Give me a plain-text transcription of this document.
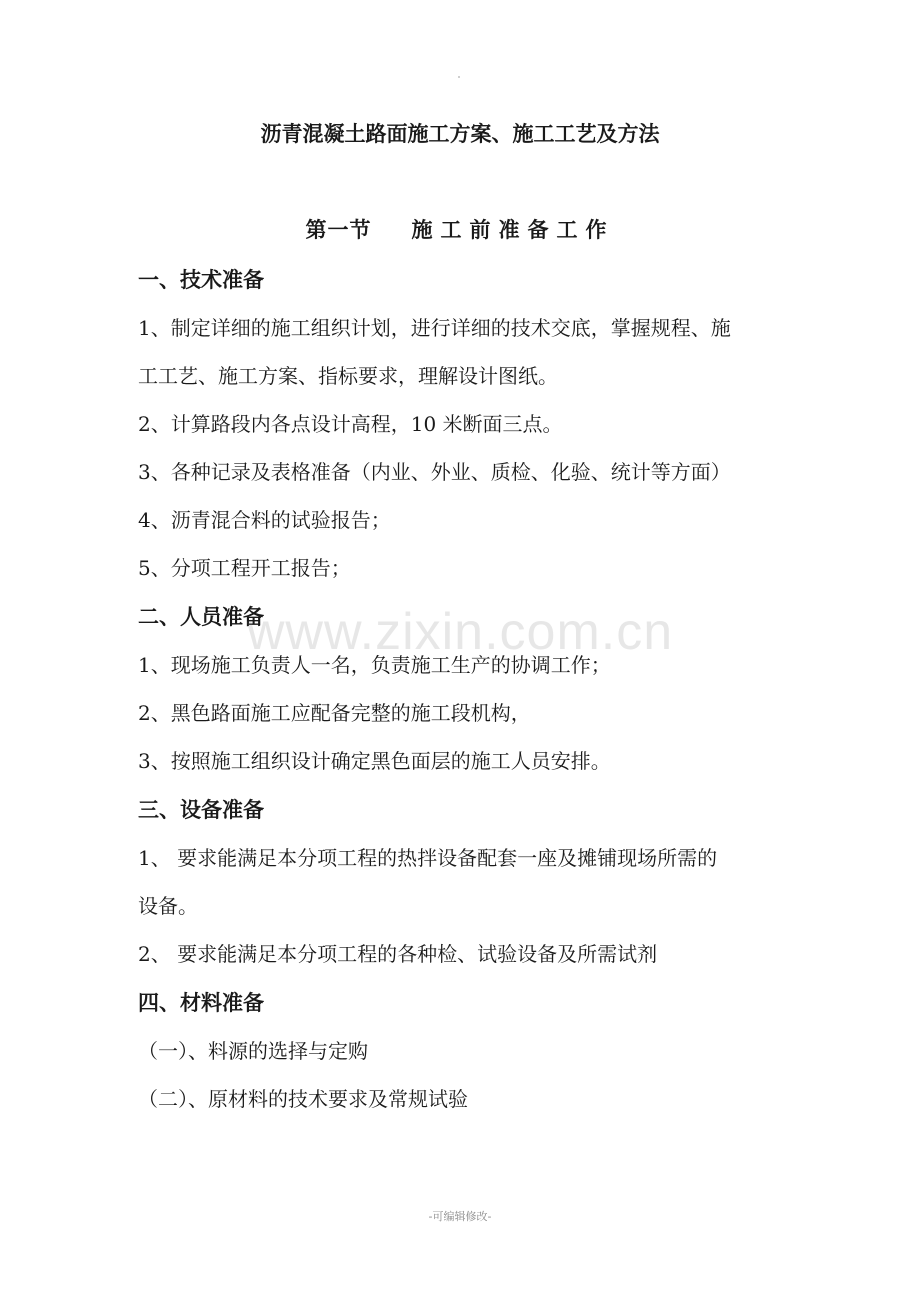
沥青混凝土路面施工方案、施工工艺及方法
第一节 施工前准备工作
一、技术准备
1、制定详细的施工组织计划，进行详细的技术交底，掌握规程、施
工工艺、施工方案、指标要求，理解设计图纸。
2、计算路段内各点设计高程，10 米断面三点。
3、各种记录及表格准备（内业、外业、质检、化验、统计等方面）
4、沥青混合料的试验报告；
5、分项工程开工报告；
二、人员准备
1、现场施工负责人一名，负责施工生产的协调工作；
2、黑色路面施工应配备完整的施工段机构，
3、按照施工组织设计确定黑色面层的施工人员安排。
三、设备准备
1、 要求能满足本分项工程的热拌设备配套一座及摊铺现场所需的
设备。
2、 要求能满足本分项工程的各种检、试验设备及所需试剂
四、材料准备
（一）、料源的选择与定购
（二）、原材料的技术要求及常规试验
www.zixin.com.cn
-可编辑修改-
